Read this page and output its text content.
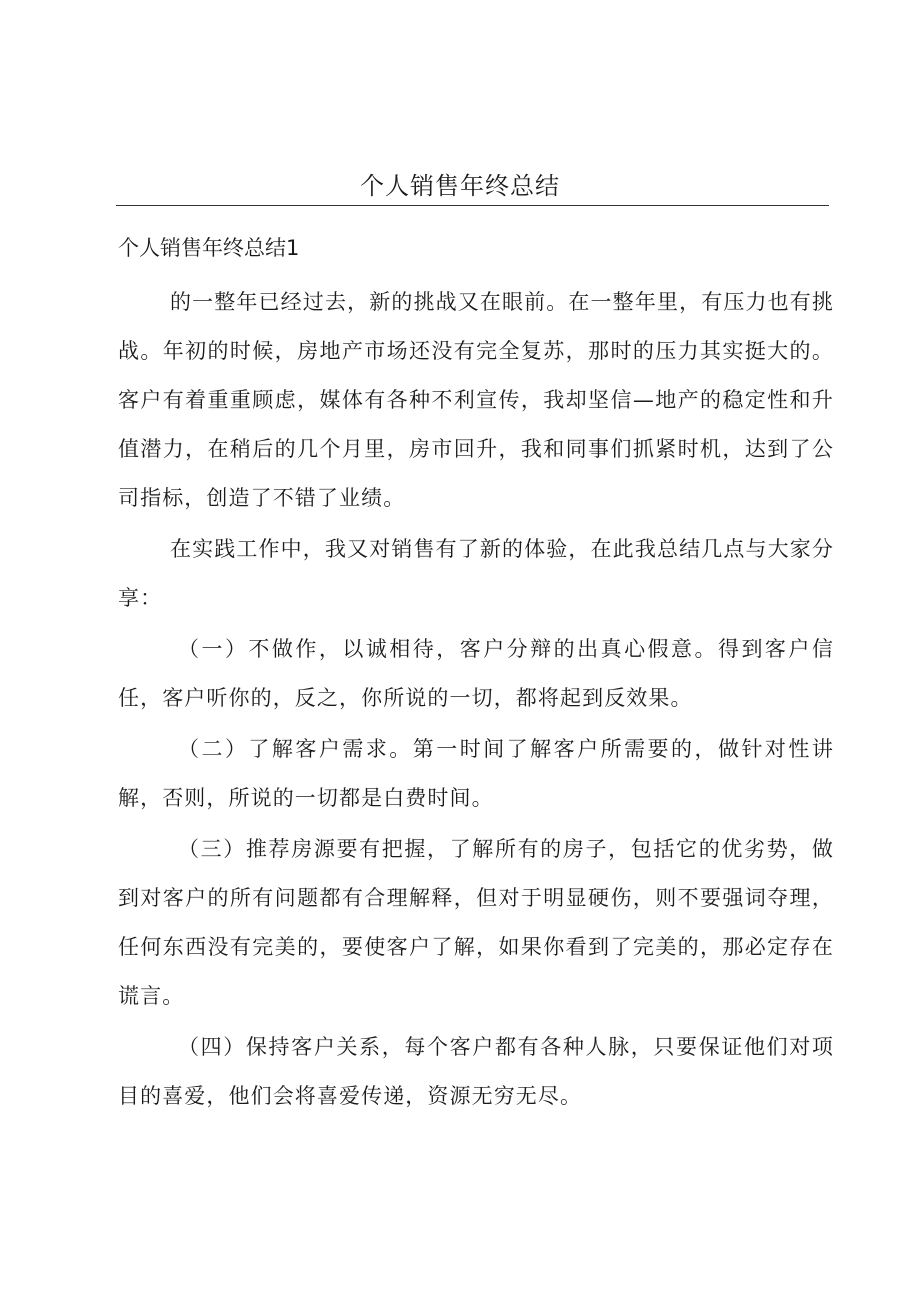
个人销售年终总结
个人销售年终总结1

的一整年已经过去，新的挑战又在眼前。在一整年里，有压力也有挑战。年初的时候，房地产市场还没有完全复苏，那时的压力其实挺大的。客户有着重重顾虑，媒体有各种不利宣传，我却坚信—地产的稳定性和升值潜力，在稍后的几个月里，房市回升，我和同事们抓紧时机，达到了公司指标，创造了不错了业绩。

在实践工作中，我又对销售有了新的体验，在此我总结几点与大家分享：

（一）不做作，以诚相待，客户分辩的出真心假意。得到客户信任，客户听你的，反之，你所说的一切，都将起到反效果。

（二）了解客户需求。第一时间了解客户所需要的，做针对性讲解，否则，所说的一切都是白费时间。

（三）推荐房源要有把握，了解所有的房子，包括它的优劣势，做到对客户的所有问题都有合理解释，但对于明显硬伤，则不要强词夺理，任何东西没有完美的，要使客户了解，如果你看到了完美的，那必定存在谎言。

（四）保持客户关系，每个客户都有各种人脉，只要保证他们对项目的喜爱，他们会将喜爱传递，资源无穷无尽。
